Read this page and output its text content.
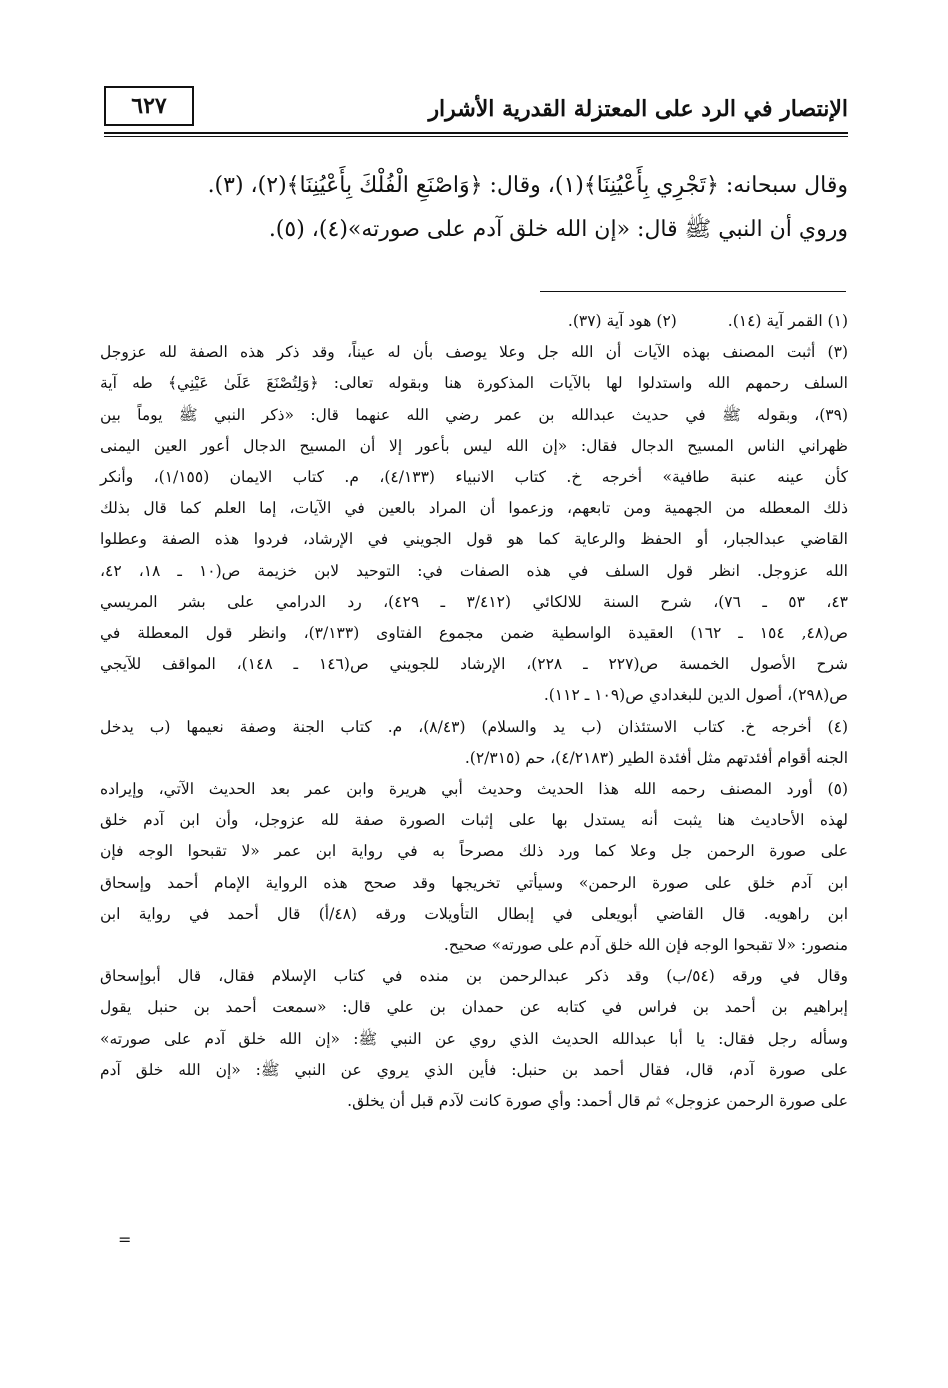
الإنتصار في الرد على المعتزلة القدرية الأشرار
٦٢٧

وقال سبحانه: ﴿تَجْرِي بِأَعْيُنِنَا﴾(١)، وقال: ﴿وَاصْنَعِ الْفُلْكَ بِأَعْيُنِنَا﴾(٢)، (٣).

وروي أن النبي ﷺ قال: «إن الله خلق آدم على صورته»(٤)، (٥).

(١) القمر آية (١٤). (٢) هود آية (٣٧).
(٣) أثبت المصنف بهذه الآيات أن الله جل وعلا يوصف بأن له عيناً، وقد ذكر هذه الصفة لله عزوجل
السلف رحمهم الله واستدلوا لها بالآيات المذكورة هنا وبقوله تعالى: ﴿وَلِتُصْنَعَ عَلَىٰ عَيْنِي﴾ طه آية
(٣٩)، وبقوله ﷺ في حديث عبدالله بن عمر رضي الله عنهما قال: «ذكر النبي ﷺ يوماً بين
ظهراني الناس المسيح الدجال فقال: «إن الله ليس بأعور إلا أن المسيح الدجال أعور العين اليمنى
كأن عينه عنبة طافية» أخرجه خ. كتاب الانبياء (٤/١٣٣)، م. كتاب الايمان (١/١٥٥)، وأنكر
ذلك المعطله من الجهمية ومن تابعهم، وزعموا أن المراد بالعين في الآيات، إما العلم كما قال بذلك
القاضي عبدالجبار، أو الحفظ والرعاية كما هو قول الجويني في الإرشاد، فردوا هذه الصفة وعطلوا
الله عزوجل. انظر قول السلف في هذه الصفات في: التوحيد لابن خزيمة ص(١٠ ـ ١٨، ٤٢،
٤٣، ٥٣ ـ ٧٦)، شرح السنة للالكائي (٣/٤١٢ ـ ٤٢٩)، رد الدرامي على بشر المريسي
ص(٤٨, ١٥٤ ـ ١٦٢) العقيدة الواسطية ضمن مجموع الفتاوى (٣/١٣٣)، وانظر قول المعطلة في
شرح الأصول الخمسة ص(٢٢٧ ـ ٢٢٨)، الإرشاد للجويني ص(١٤٦ ـ ١٤٨)، المواقف للآيجي
ص(٢٩٨)، أصول الدين للبغدادي ص(١٠٩ ـ ١١٢).
(٤) أخرجه خ. كتاب الاستئذان (ب يد والسلام) (٨/٤٣)، م. كتاب الجنة وصفة نعيمها (ب يدخل
الجنه أقوام أفئدتهم مثل أفئدة الطير (٤/٢١٨٣)، حم (٢/٣١٥).
(٥) أورد المصنف رحمه الله هذا الحديث وحديث أبي هريرة وابن عمر بعد الحديث الآتي، وإيراده
لهذه الأحاديث هنا يثبت أنه يستدل بها على إثبات الصورة صفة لله عزوجل، وأن ابن آدم خلق
على صورة الرحمن جل وعلا كما ورد ذلك مصرحاً به في رواية ابن عمر «لا تقبحوا الوجه فإن
ابن آدم خلق على صورة الرحمن» وسيأتي تخريجها وقد صحح هذه الرواية الإمام أحمد وإسحاق
ابن راهويه. قال القاضي أبويعلى في إبطال التأويلات ورقه (٤٨/أ) قال أحمد في رواية ابن
منصور: «لا تقبحوا الوجه فإن الله خلق آدم على صورته» صحيح.
وقال في ورقه (٥٤/ب) وقد ذكر عبدالرحمن بن منده في كتاب الإسلام فقال، قال أبوإسحاق
إبراهيم بن أحمد بن فراس في كتابه عن حمدان بن علي قال: «سمعت أحمد بن حنبل يقول
وسأله رجل فقال: يا أبا عبدالله الحديث الذي روي عن النبي ﷺ: «إن الله خلق آدم على صورته»
على صورة آدم، قال، فقال أحمد بن حنبل: فأين الذي يروي عن النبي ﷺ: «إن الله خلق آدم
على صورة الرحمن عزوجل» ثم قال أحمد: وأي صورة كانت لآدم قبل أن يخلق.
=
